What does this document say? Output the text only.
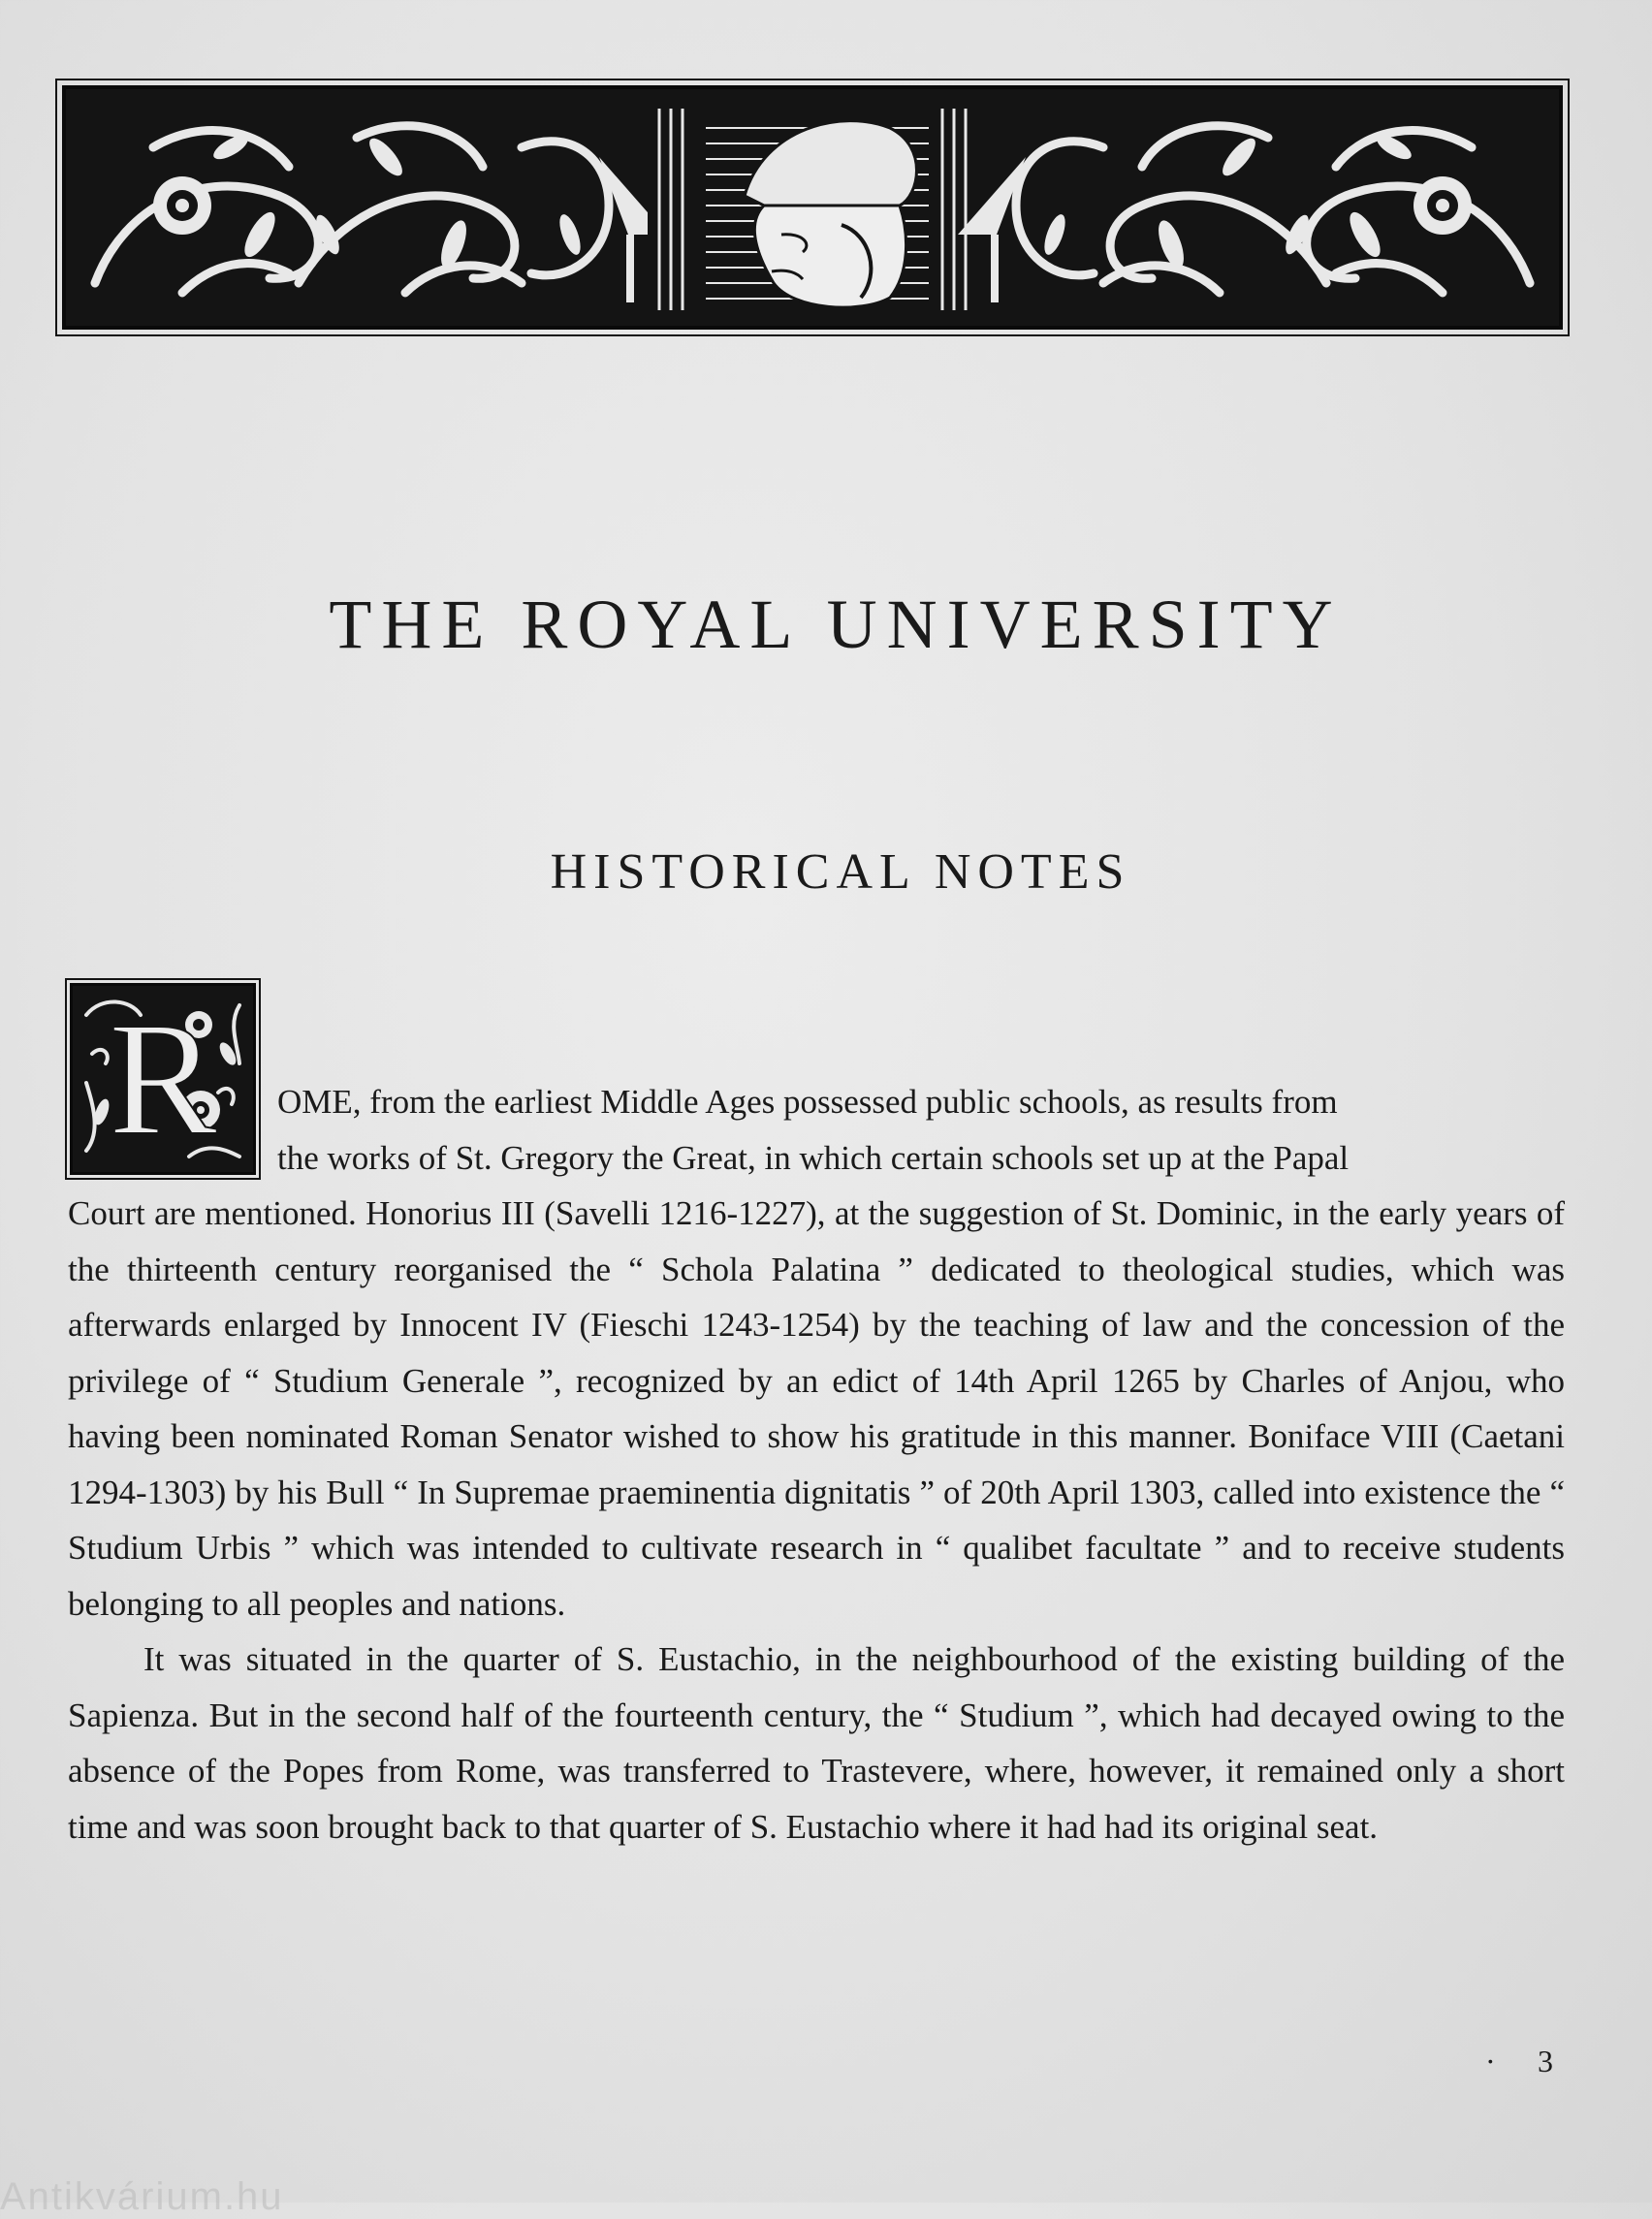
THE ROYAL UNIVERSITY
HISTORICAL NOTES
R	OME, from the earliest Middle Ages possessed public schools, as results from
the works of St. Gregory the Great, in which certain schools set up at the Papal
Court are mentioned. Honorius III (Savelli 1216-1227), at the suggestion of St. Dominic, in the early years of the thirteenth century reorganised the “ Schola Palatina ” dedicated to theological studies, which was afterwards enlarged by Innocent IV (Fieschi 1243-1254) by the teaching of law and the concession of the privilege of “ Studium Generale ”, recognized by an edict of 14th April 1265 by Charles of Anjou, who having been nominated Roman Senator wished to show his gratitude in this manner. Boniface VIII (Caetani 1294-1303) by his Bull “ In Supremae praeminentia dignitatis ” of 20th April 1303, called into existence the “ Studium Urbis ” which was intended to cultivate research in “ qualibet facultate ” and to receive students belonging to all peoples and nations.

It was situated in the quarter of S. Eustachio, in the neighbourhood of the existing building of the Sapienza. But in the second half of the fourteenth century, the “ Studium ”, which had decayed owing to the absence of the Popes from Rome, was transferred to Trastevere, where, however, it remained only a short time and was soon brought back to that quarter of S. Eustachio where it had had its original seat.

· 3
Antikvárium.hu
